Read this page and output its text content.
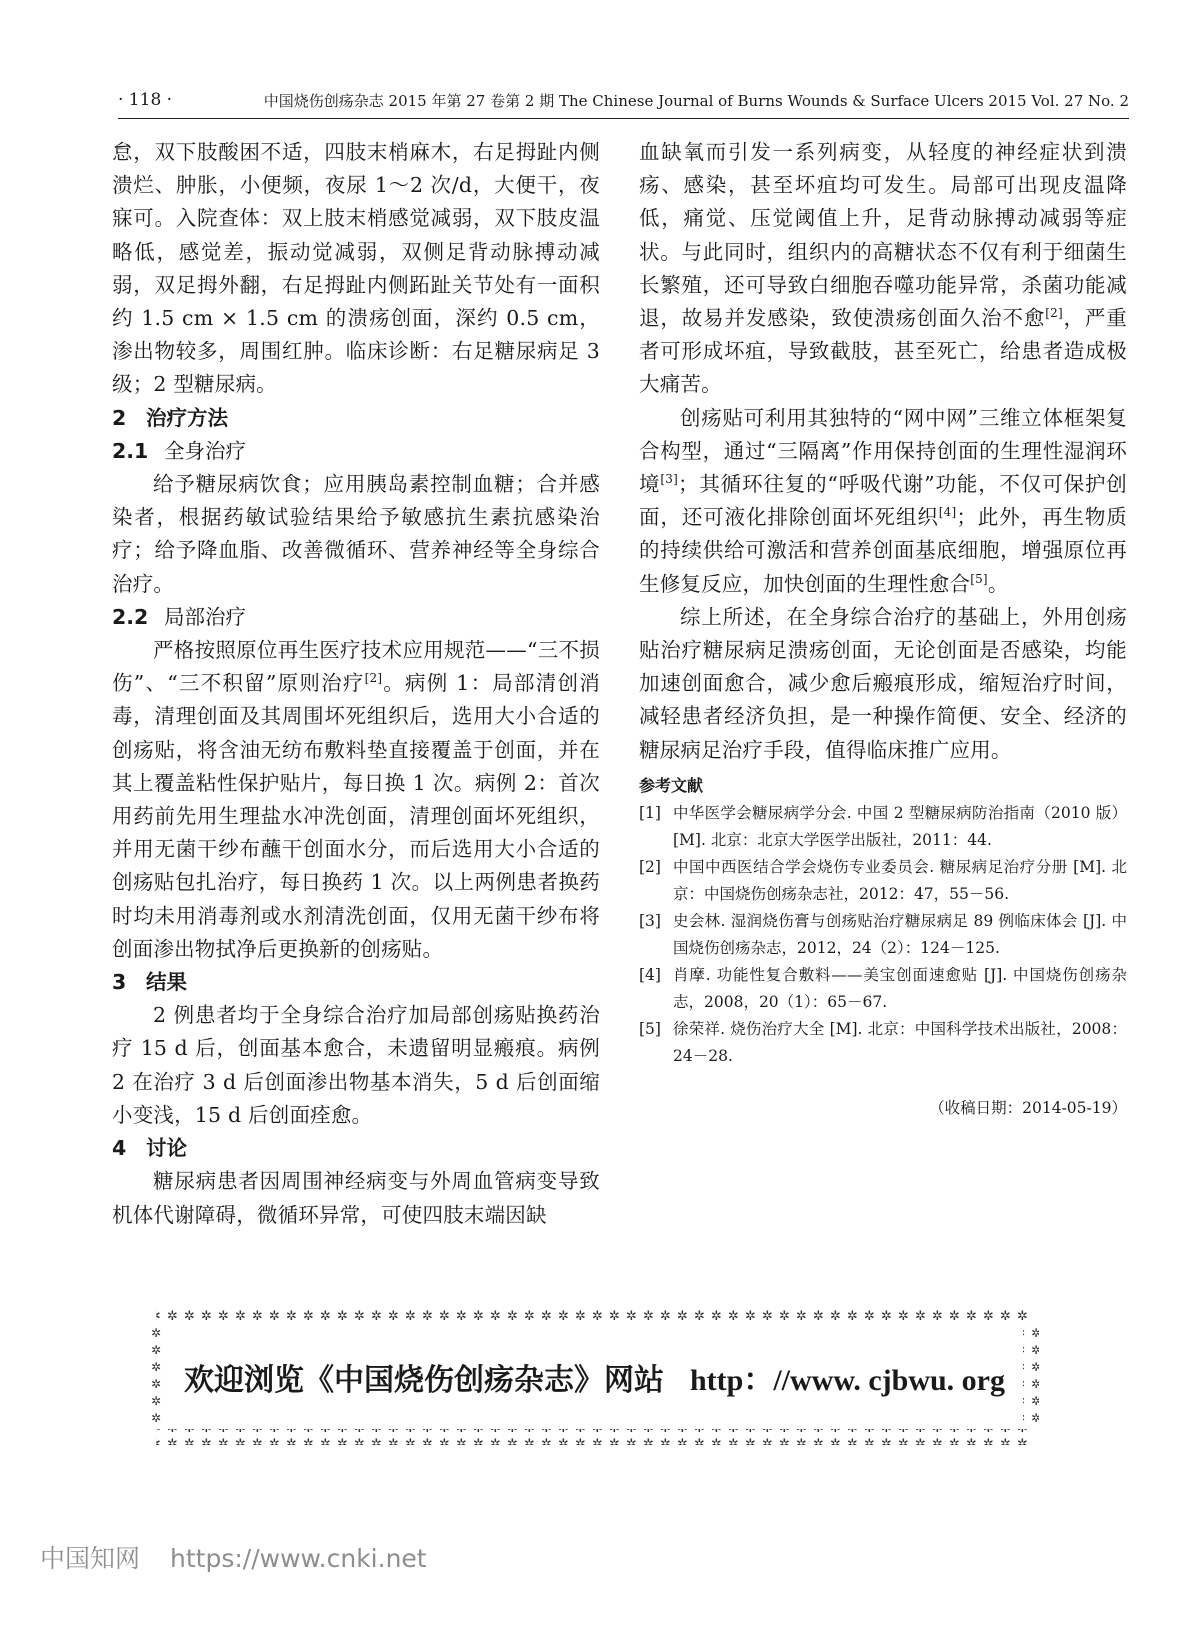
· 118 ·	中国烧伤创疡杂志 2015 年第 27 卷第 2 期 The Chinese Journal of Burns Wounds & Surface Ulcers 2015 Vol. 27 No. 2

怠，双下肢酸困不适，四肢末梢麻木，右足拇趾内侧溃烂、肿胀，小便频，夜尿 1～2 次/d，大便干，夜寐可。入院查体：双上肢末梢感觉减弱，双下肢皮温略低，感觉差，振动觉减弱，双侧足背动脉搏动减弱，双足拇外翻，右足拇趾内侧跖趾关节处有一面积约 1.5 cm × 1.5 cm 的溃疡创面，深约 0.5 cm，渗出物较多，周围红肿。临床诊断：右足糖尿病足 3 级；2 型糖尿病。

2 治疗方法
2.1 全身治疗

给予糖尿病饮食；应用胰岛素控制血糖；合并感染者，根据药敏试验结果给予敏感抗生素抗感染治疗；给予降血脂、改善微循环、营养神经等全身综合治疗。

2.2 局部治疗

严格按照原位再生医疗技术应用规范——“三不损伤”、“三不积留”原则治疗[2]。病例 1：局部清创消毒，清理创面及其周围坏死组织后，选用大小合适的创疡贴，将含油无纺布敷料垫直接覆盖于创面，并在其上覆盖粘性保护贴片，每日换 1 次。病例 2：首次用药前先用生理盐水冲洗创面，清理创面坏死组织，并用无菌干纱布蘸干创面水分，而后选用大小合适的创疡贴包扎治疗，每日换药 1 次。以上两例患者换药时均未用消毒剂或水剂清洗创面，仅用无菌干纱布将创面渗出物拭净后更换新的创疡贴。

3 结果

2 例患者均于全身综合治疗加局部创疡贴换药治疗 15 d 后，创面基本愈合，未遗留明显瘢痕。病例 2 在治疗 3 d 后创面渗出物基本消失，5 d 后创面缩小变浅，15 d 后创面痊愈。

4 讨论

糖尿病患者因周围神经病变与外周血管病变导致机体代谢障碍，微循环异常，可使四肢末端因缺

血缺氧而引发一系列病变，从轻度的神经症状到溃疡、感染，甚至坏疽均可发生。局部可出现皮温降低，痛觉、压觉阈值上升，足背动脉搏动减弱等症状。与此同时，组织内的高糖状态不仅有利于细菌生长繁殖，还可导致白细胞吞噬功能异常，杀菌功能减退，故易并发感染，致使溃疡创面久治不愈[2]，严重者可形成坏疽，导致截肢，甚至死亡，给患者造成极大痛苦。

创疡贴可利用其独特的“网中网”三维立体框架复合构型，通过“三隔离”作用保持创面的生理性湿润环境[3]；其循环往复的“呼吸代谢”功能，不仅可保护创面，还可液化排除创面坏死组织[4]；此外，再生物质的持续供给可激活和营养创面基底细胞，增强原位再生修复反应，加快创面的生理性愈合[5]。

综上所述，在全身综合治疗的基础上，外用创疡贴治疗糖尿病足溃疡创面，无论创面是否感染，均能加速创面愈合，减少愈后瘢痕形成，缩短治疗时间，减轻患者经济负担，是一种操作简便、安全、经济的糖尿病足治疗手段，值得临床推广应用。

参考文献

[1] 中华医学会糖尿病学分会. 中国 2 型糖尿病防治指南（2010 版）[M]. 北京：北京大学医学出版社，2011：44.

[2] 中国中西医结合学会烧伤专业委员会. 糖尿病足治疗分册 [M]. 北京：中国烧伤创疡杂志社，2012：47，55－56.

[3] 史会林. 湿润烧伤膏与创疡贴治疗糖尿病足 89 例临床体会 [J]. 中国烧伤创疡杂志，2012，24（2）：124－125.

[4] 肖摩. 功能性复合敷料——美宝创面速愈贴 [J]. 中国烧伤创疡杂志，2008，20（1）：65－67.

[5] 徐荣祥. 烧伤治疗大全 [M]. 北京：中国科学技术出版社，2008：24－28.

（收稿日期：2014-05-19）
欢迎浏览《中国烧伤创疡杂志》网站 http：//www. cjbwu. org
中国知网 https://www.cnki.net
